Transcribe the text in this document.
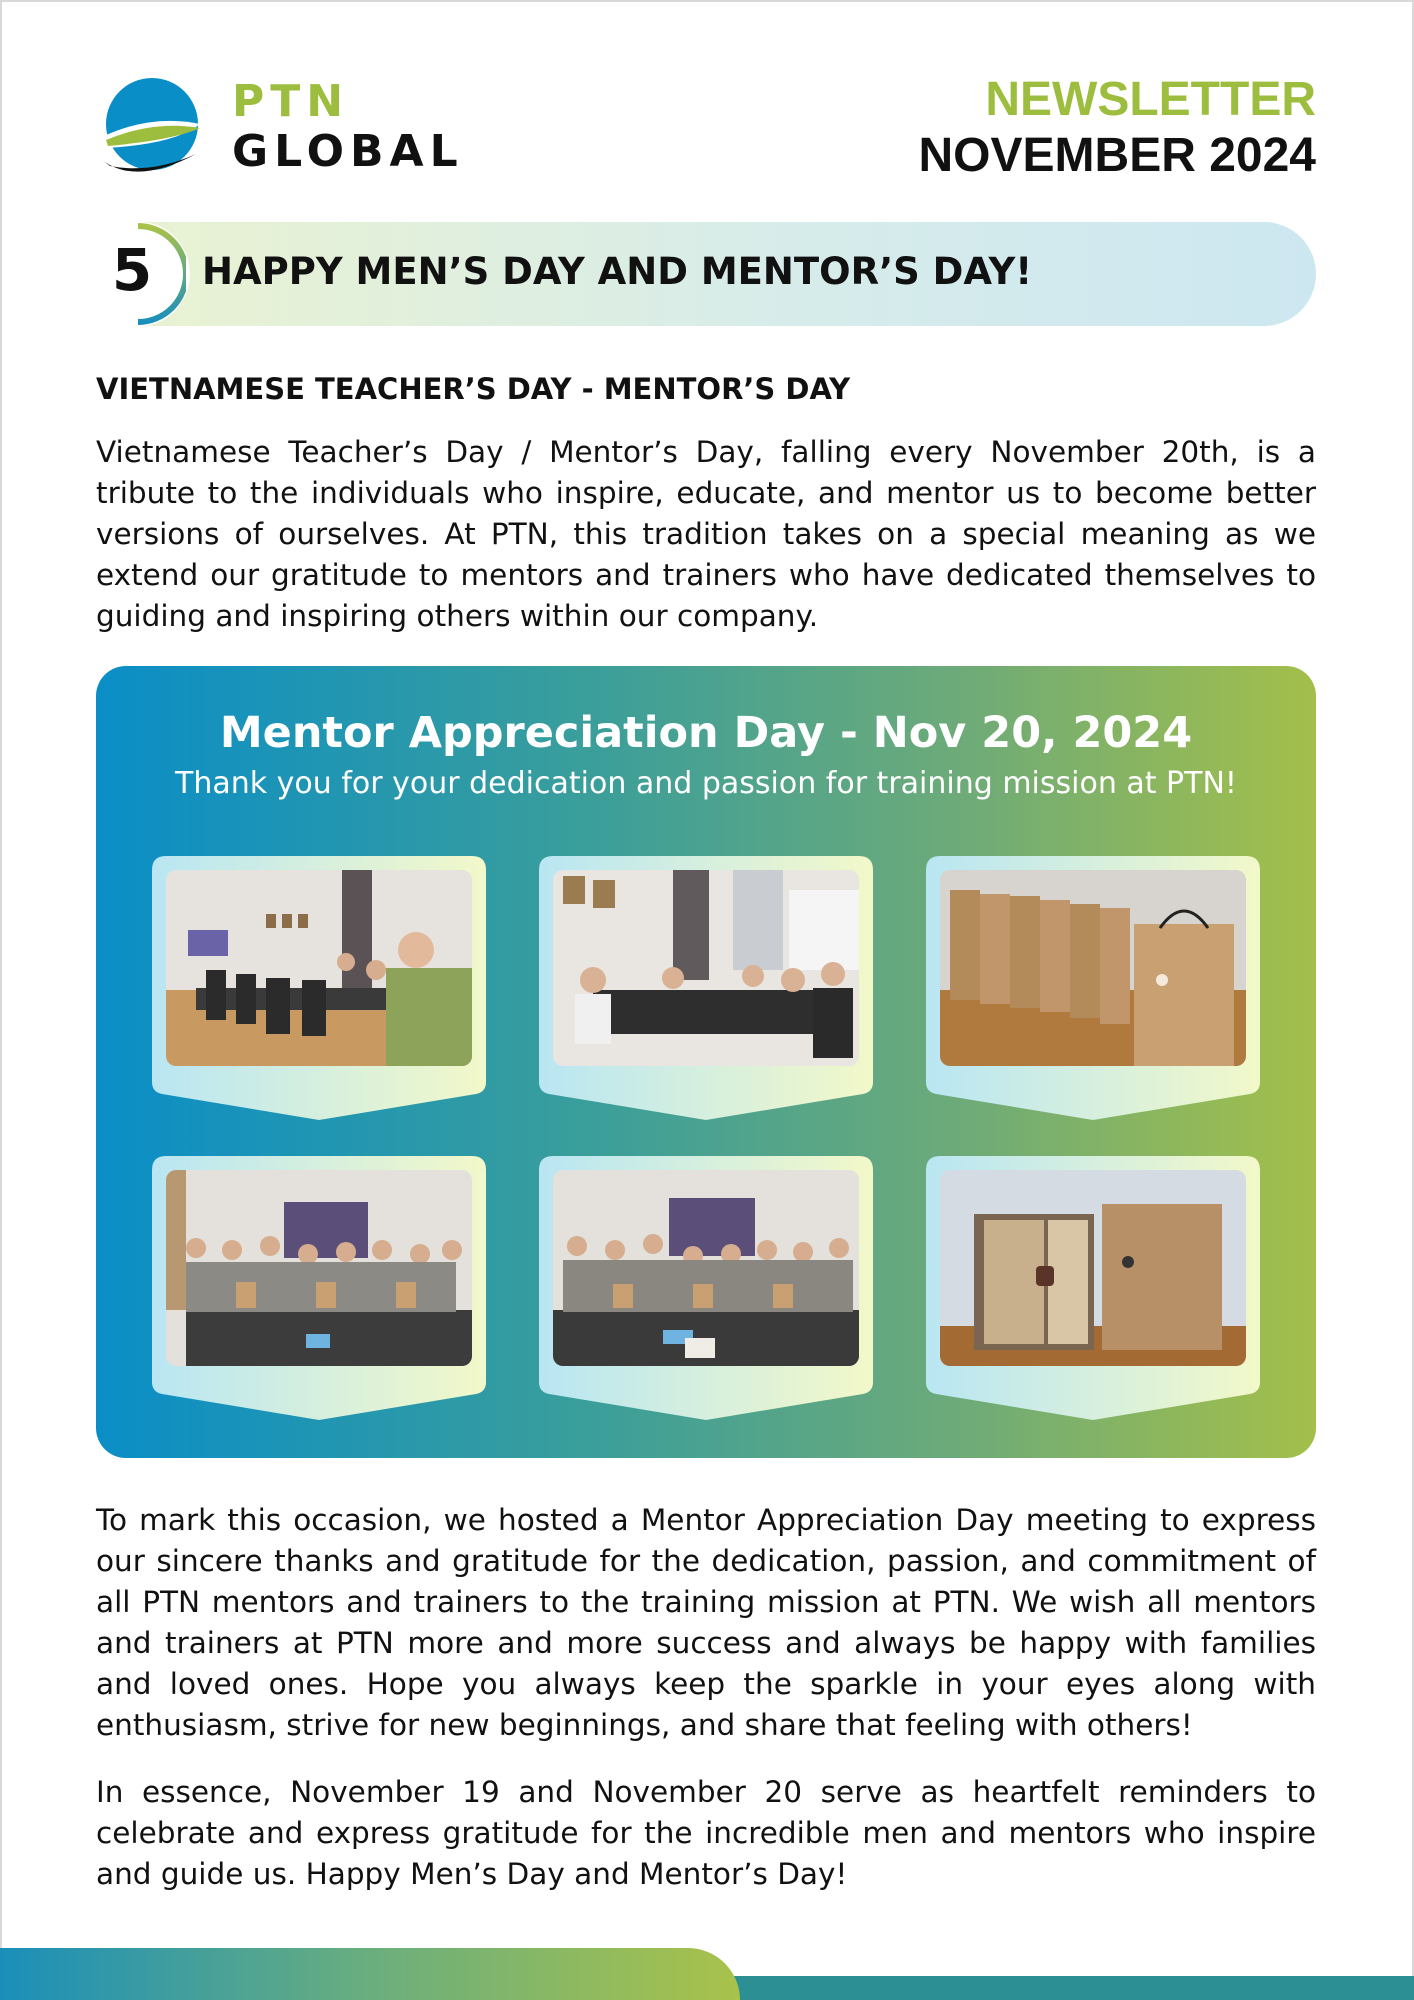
PTN
GLOBAL
NEWSLETTER
NOVEMBER 2024
5 HAPPY MEN’S DAY AND MENTOR’S DAY!
VIETNAMESE TEACHER’S DAY - MENTOR’S DAY

Vietnamese Teacher’s Day / Mentor’s Day, falling every November 20th, is a tribute to the individuals who inspire, educate, and mentor us to become better versions of ourselves. At PTN, this tradition takes on a special meaning as we extend our gratitude to mentors and trainers who have dedicated themselves to guiding and inspiring others within our company.

Mentor Appreciation Day - Nov 20, 2024
Thank you for your dedication and passion for training mission at PTN!

To mark this occasion, we hosted a Mentor Appreciation Day meeting to express our sincere thanks and gratitude for the dedication, passion, and commitment of all PTN mentors and trainers to the training mission at PTN. We wish all mentors and trainers at PTN more and more success and always be happy with families and loved ones. Hope you always keep the sparkle in your eyes along with enthusiasm, strive for new beginnings, and share that feeling with others!

In essence, November 19 and November 20 serve as heartfelt reminders to celebrate and express gratitude for the incredible men and mentors who inspire and guide us. Happy Men’s Day and Mentor’s Day!
